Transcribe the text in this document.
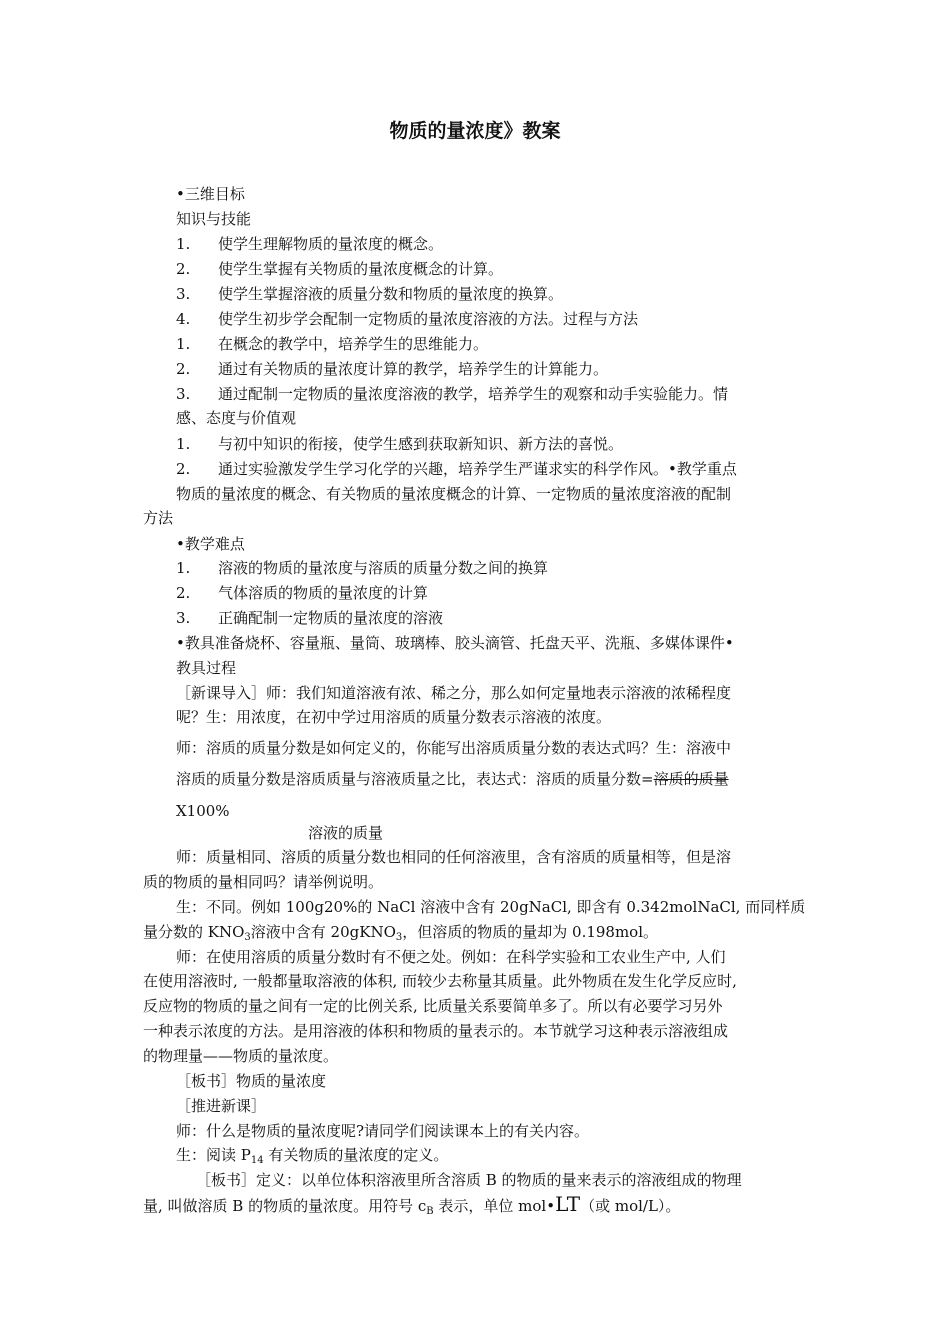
物质的量浓度》教案
•三维目标
知识与技能
1. 使学生理解物质的量浓度的概念。
2. 使学生掌握有关物质的量浓度概念的计算。
3. 使学生掌握溶液的质量分数和物质的量浓度的换算。
4. 使学生初步学会配制一定物质的量浓度溶液的方法。过程与方法
1. 在概念的教学中，培养学生的思维能力。
2. 通过有关物质的量浓度计算的教学，培养学生的计算能力。
3. 通过配制一定物质的量浓度溶液的教学，培养学生的观察和动手实验能力。情
感、态度与价值观
1. 与初中知识的衔接，使学生感到获取新知识、新方法的喜悦。
2. 通过实验激发学生学习化学的兴趣，培养学生严谨求实的科学作风。•教学重点
物质的量浓度的概念、有关物质的量浓度概念的计算、一定物质的量浓度溶液的配制
方法
•教学难点
1. 溶液的物质的量浓度与溶质的质量分数之间的换算
2. 气体溶质的物质的量浓度的计算
3. 正确配制一定物质的量浓度的溶液
•教具准备烧杯、容量瓶、量筒、玻璃棒、胶头滴管、托盘天平、洗瓶、多媒体课件•
教具过程
［新课导入］师：我们知道溶液有浓、稀之分，那么如何定量地表示溶液的浓稀程度
呢？生：用浓度，在初中学过用溶质的质量分数表示溶液的浓度。
师：溶质的质量分数是如何定义的，你能写出溶质质量分数的表达式吗？生：溶液中
溶质的质量分数是溶质质量与溶液质量之比，表达式：溶质的质量分数=溶质的质量
X100%
溶液的质量
师：质量相同、溶质的质量分数也相同的任何溶液里，含有溶质的质量相等，但是溶
质的物质的量相同吗？请举例说明。
生：不同。例如 100g20%的 NaCl 溶液中含有 20gNaCl, 即含有 0.342molNaCl, 而同样质
量分数的 $KNO_3$溶液中含有 20gKNO$_3$，但溶质的物质的量却为 0.198mol。
师：在使用溶质的质量分数时有不便之处。例如：在科学实验和工农业生产中, 人们
在使用溶液时, 一般都量取溶液的体积, 而较少去称量其质量。此外物质在发生化学反应时,
反应物的物质的量之间有一定的比例关系, 比质量关系要简单多了。所以有必要学习另外
一种表示浓度的方法。是用溶液的体积和物质的量表示的。本节就学习这种表示溶液组成
的物理量——物质的量浓度。
［板书］物质的量浓度
［推进新课］
师：什么是物质的量浓度呢?请同学们阅读课本上的有关内容。
生：阅读 $P_{14}$ 有关物质的量浓度的定义。
［板书］定义：以单位体积溶液里所含溶质 B 的物质的量来表示的溶液组成的物理
量, 叫做溶质 B 的物质的量浓度。用符号 $c_B$ 表示，单位 mol•LT（或 mol/L）。
